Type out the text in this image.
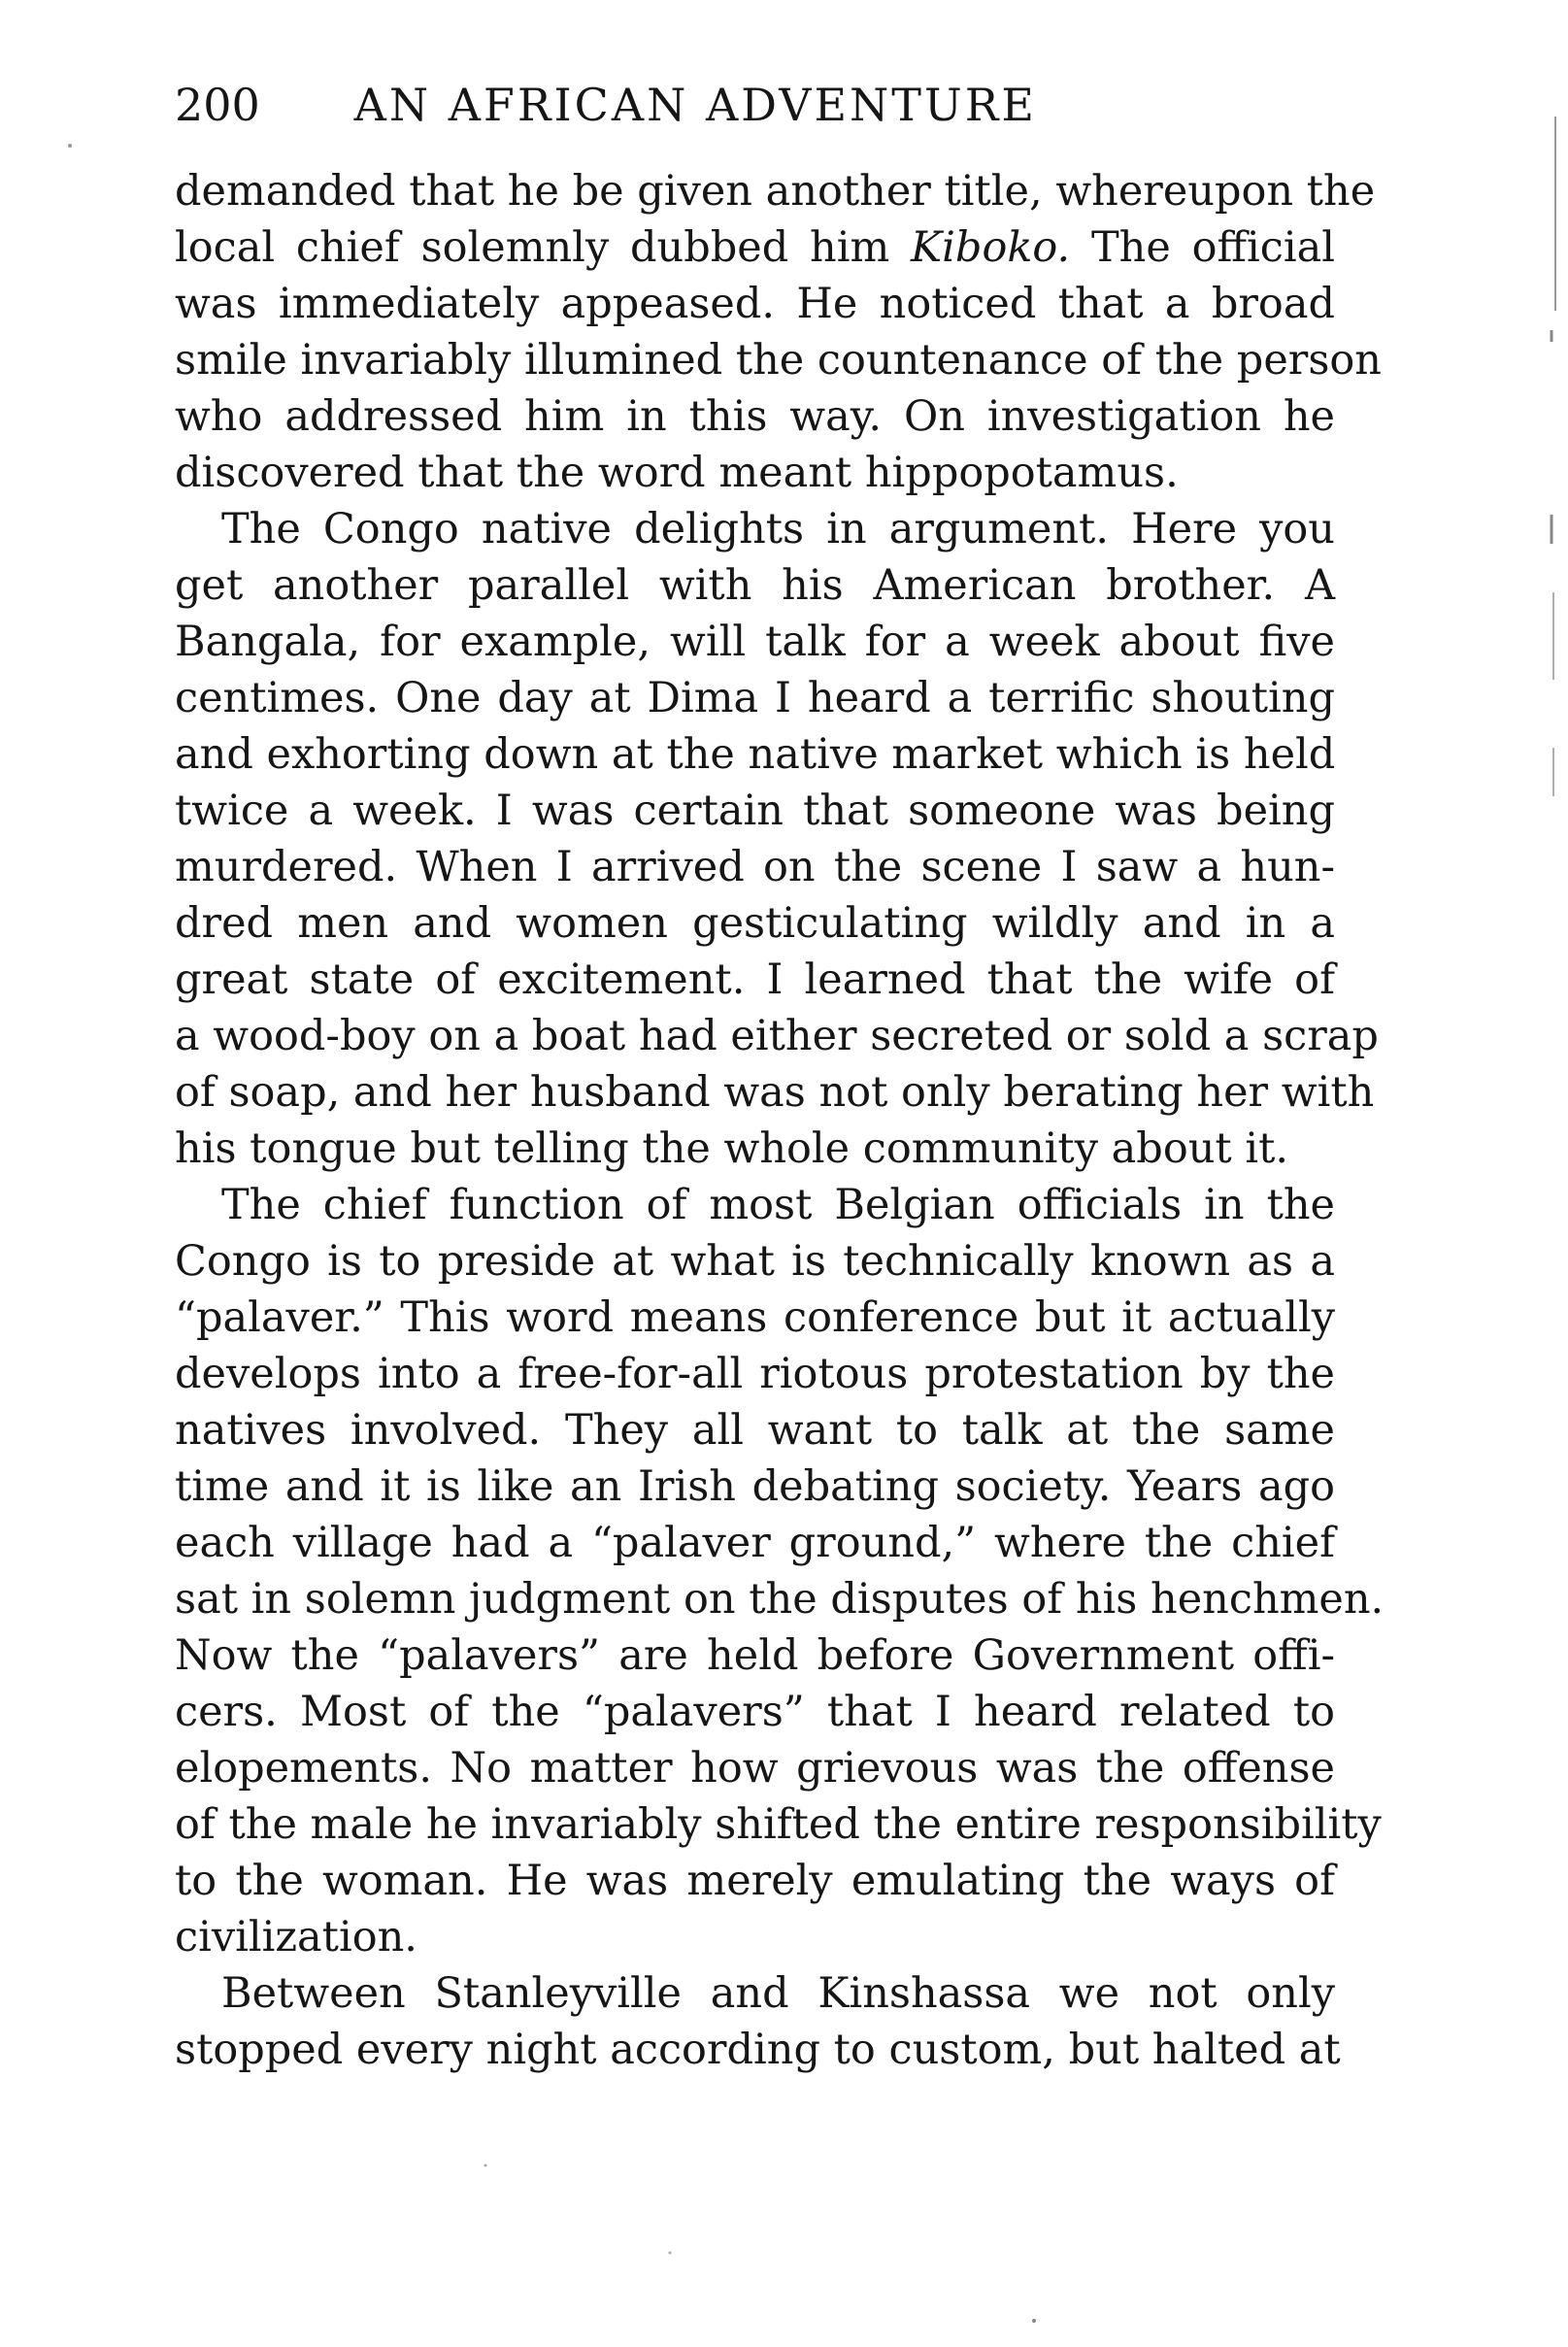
200 AN AFRICAN ADVENTURE
demanded that he be given another title, whereupon the
local chief solemnly dubbed him Kiboko. The official
was immediately appeased. He noticed that a broad
smile invariably illumined the countenance of the person
who addressed him in this way. On investigation he
discovered that the word meant hippopotamus.
The Congo native delights in argument. Here you
get another parallel with his American brother. A
Bangala, for example, will talk for a week about five
centimes. One day at Dima I heard a terrific shouting
and exhorting down at the native market which is held
twice a week. I was certain that someone was being
murdered. When I arrived on the scene I saw a hun-
dred men and women gesticulating wildly and in a
great state of excitement. I learned that the wife of
a wood-boy on a boat had either secreted or sold a scrap
of soap, and her husband was not only berating her with
his tongue but telling the whole community about it.
The chief function of most Belgian officials in the
Congo is to preside at what is technically known as a
“palaver.” This word means conference but it actually
develops into a free-for-all riotous protestation by the
natives involved. They all want to talk at the same
time and it is like an Irish debating society. Years ago
each village had a “palaver ground,” where the chief
sat in solemn judgment on the disputes of his henchmen.
Now the “palavers” are held before Government offi-
cers. Most of the “palavers” that I heard related to
elopements. No matter how grievous was the offense
of the male he invariably shifted the entire responsibility
to the woman. He was merely emulating the ways of
civilization.
Between Stanleyville and Kinshassa we not only
stopped every night according to custom, but halted at
